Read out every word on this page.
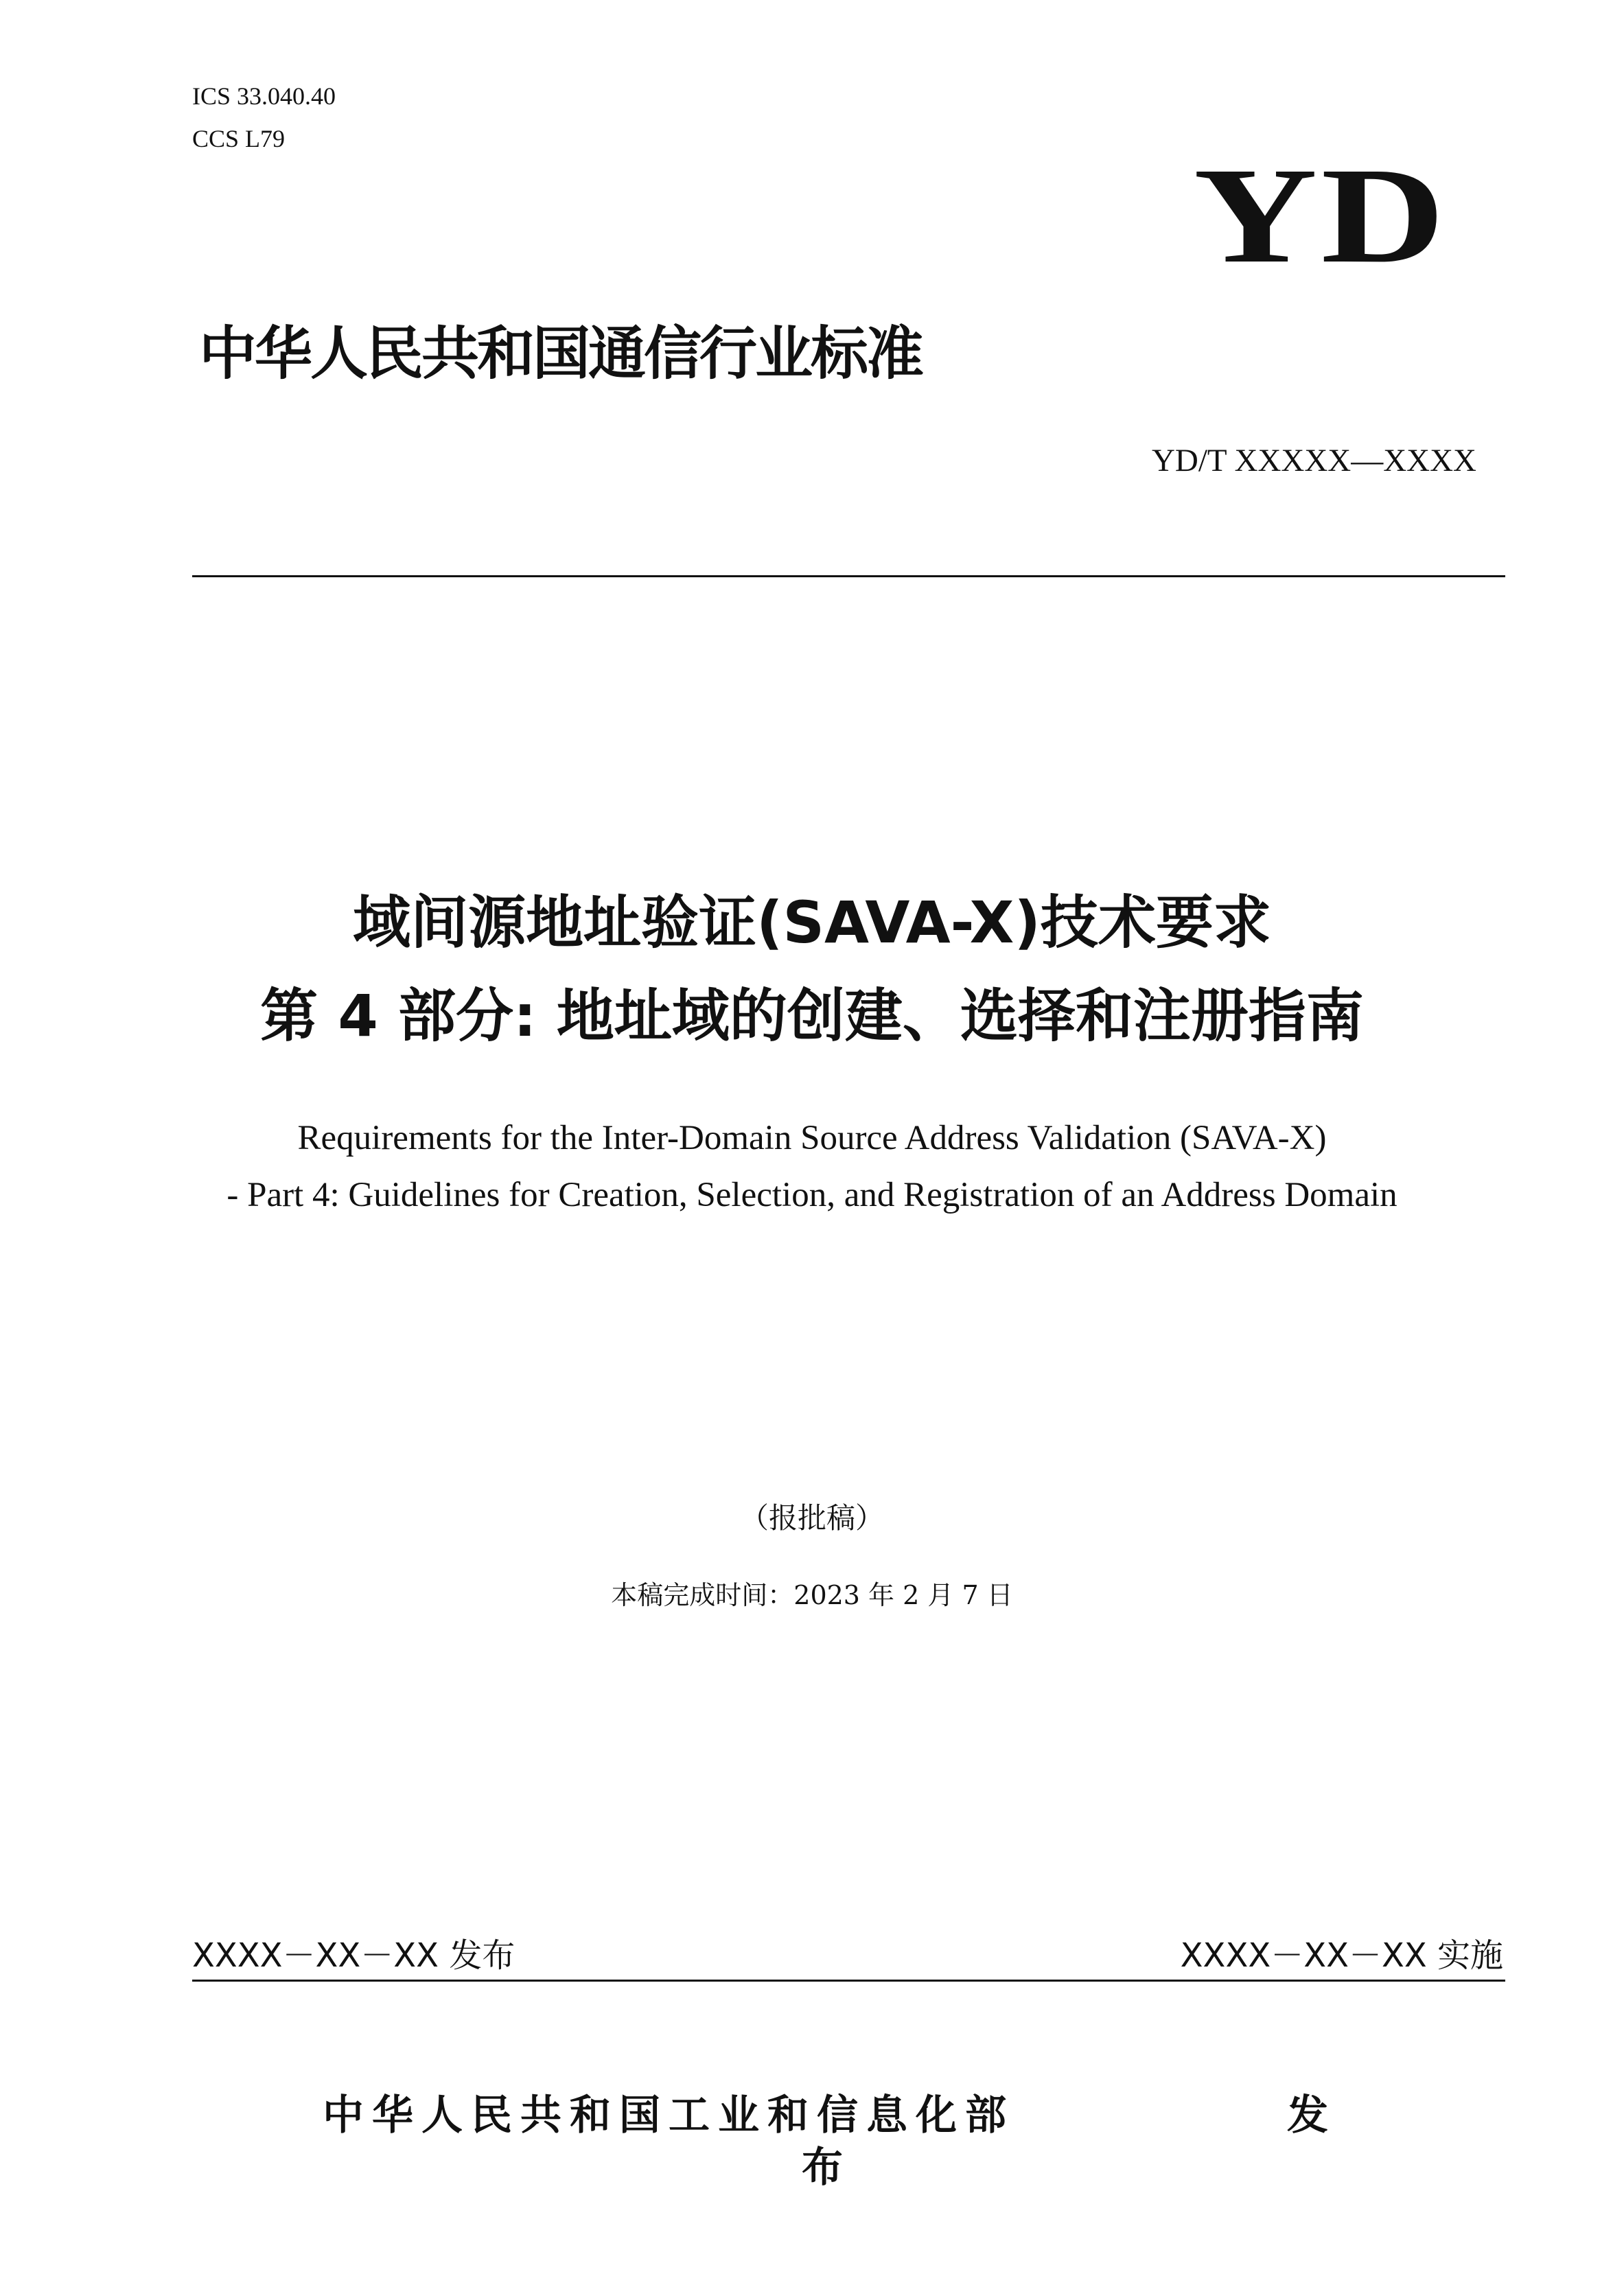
ICS 33.040.40
CCS L79
YD
中华人民共和国通信行业标准
YD/T XXXXX—XXXX
域间源地址验证(SAVA-X)技术要求
第 4 部分: 地址域的创建、选择和注册指南
Requirements for the Inter-Domain Source Address Validation (SAVA-X)
- Part 4: Guidelines for Creation, Selection, and Registration of an Address Domain
（报批稿）
本稿完成时间：2023 年 2 月 7 日
XXXX－XX－XX 发布	XXXX－XX－XX 实施
中华人民共和国工业和信息化部	发
布
